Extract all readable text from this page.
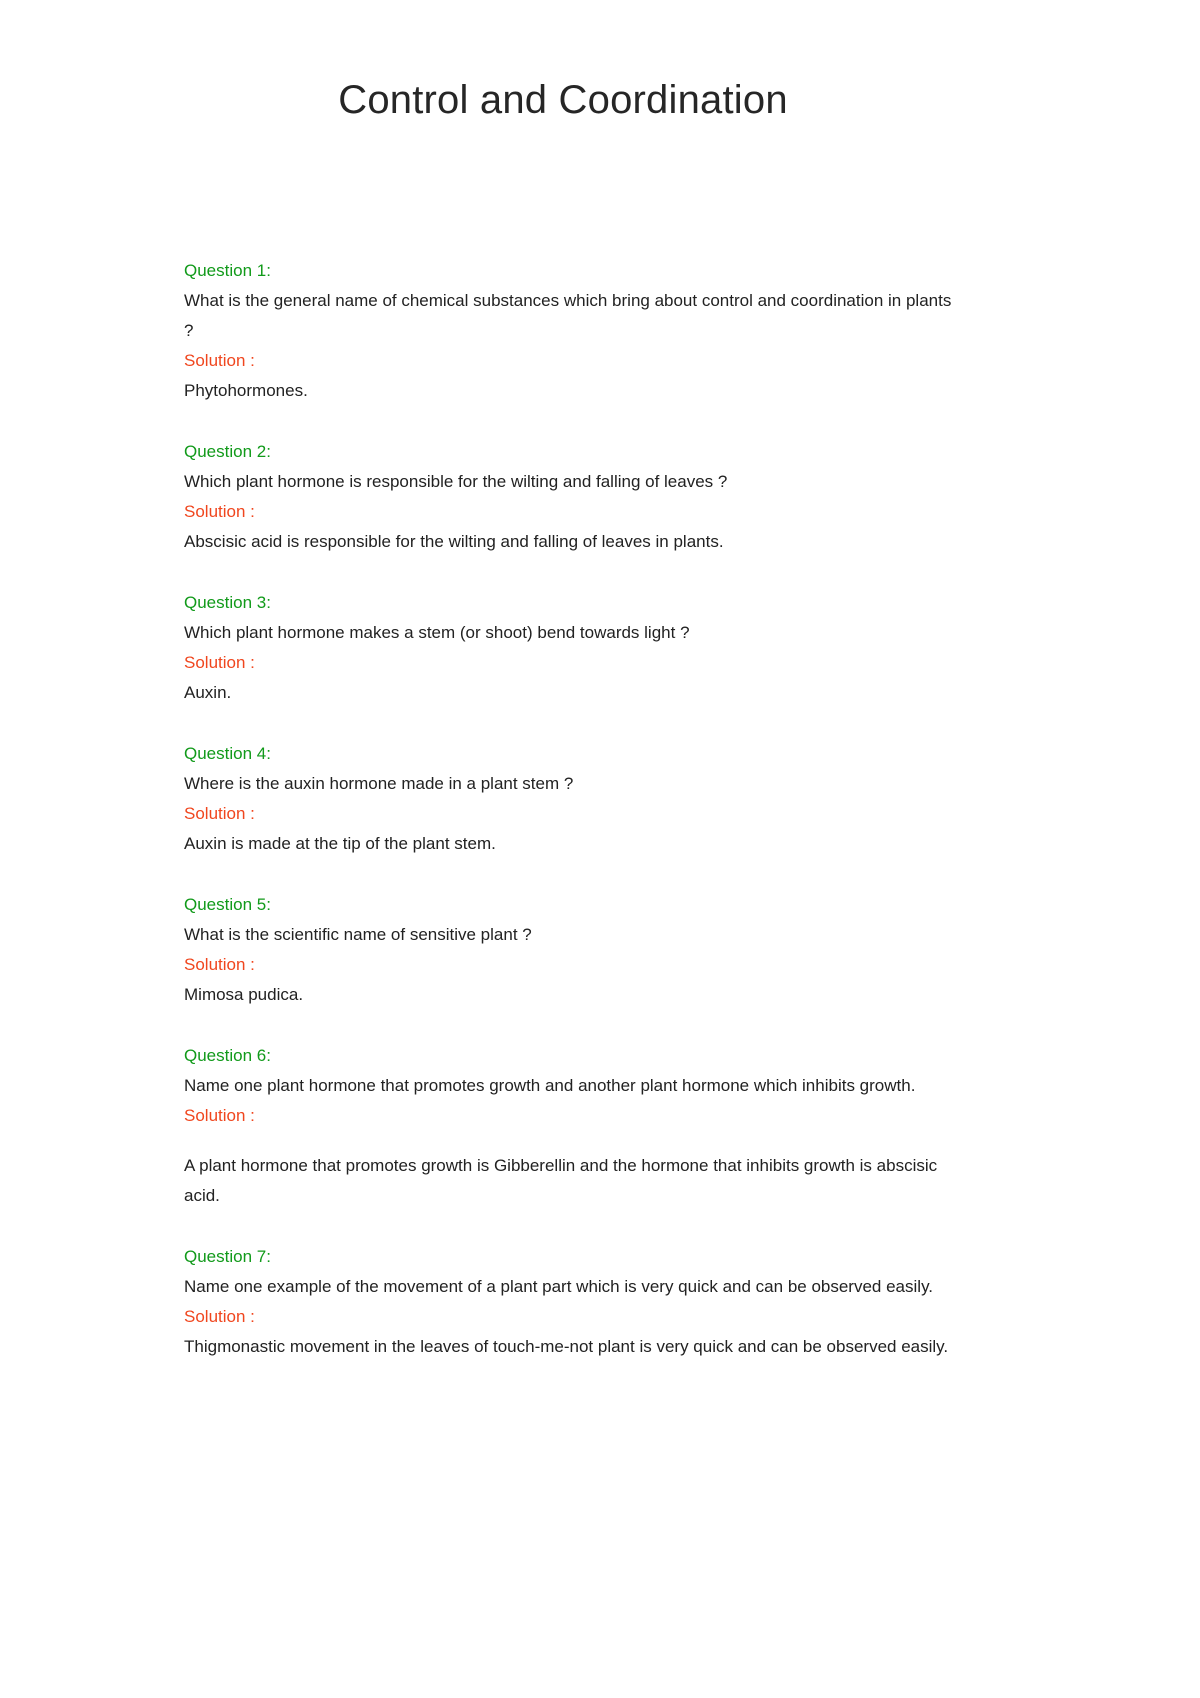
Control and Coordination

Question 1:

What is the general name of chemical substances which bring about control and coordination in plants ?

Solution :

Phytohormones.

Question 2:

Which plant hormone is responsible for the wilting and falling of leaves ?

Solution :

Abscisic acid is responsible for the wilting and falling of leaves in plants.

Question 3:

Which plant hormone makes a stem (or shoot) bend towards light ?

Solution :

Auxin.

Question 4:

Where is the auxin hormone made in a plant stem ?

Solution :

Auxin is made at the tip of the plant stem.

Question 5:

What is the scientific name of sensitive plant ?

Solution :

Mimosa pudica.

Question 6:

Name one plant hormone that promotes growth and another plant hormone which inhibits growth.

Solution :

A plant hormone that promotes growth is Gibberellin and the hormone that inhibits growth is abscisic acid.

Question 7:

Name one example of the movement of a plant part which is very quick and can be observed easily.

Solution :

Thigmonastic movement in the leaves of touch-me-not plant is very quick and can be observed easily.
